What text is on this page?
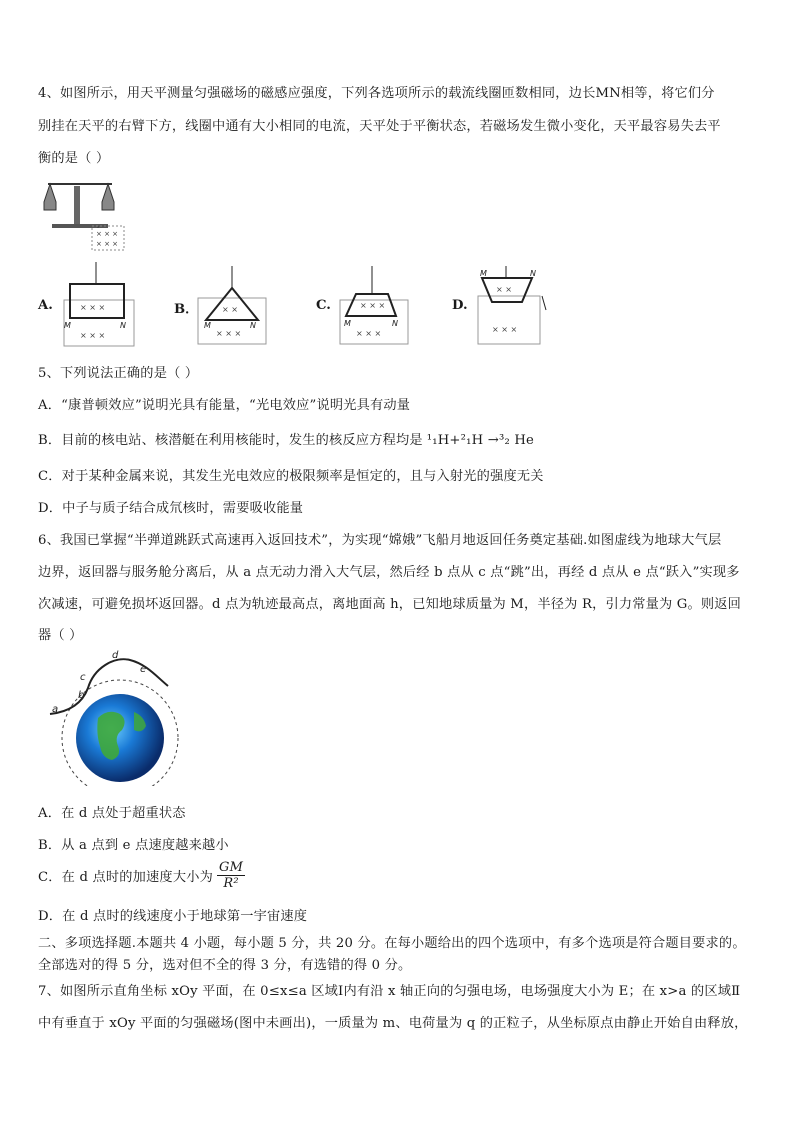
4、如图所示，用天平测量匀强磁场的磁感应强度，下列各选项所示的载流线圈匝数相同，边长MN相等，将它们分
别挂在天平的右臂下方，线圈中通有大小相同的电流，天平处于平衡状态，若磁场发生微小变化，天平最容易失去平
衡的是（ ）
× × ×
× × ×
A.	× × ×
M	N
× × ×
B．	× ×
M	N
× × ×
C.	× × ×
M	N
× × ×
D.
M	N
× ×
× × ×
5、下列说法正确的是（ ）
A．“康普顿效应”说明光具有能量，“光电效应”说明光具有动量
B．目前的核电站、核潜艇在利用核能时，发生的核反应方程均是 ¹₁H+²₁H →³₂ He
C．对于某种金属来说，其发生光电效应的极限频率是恒定的，且与入射光的强度无关
D．中子与质子结合成氘核时，需要吸收能量
6、我国已掌握“半弹道跳跃式高速再入返回技术”，为实现“嫦娥”飞船月地返回任务奠定基础.如图虚线为地球大气层
边界，返回器与服务舱分离后，从 a 点无动力滑入大气层，然后经 b 点从 c 点“跳”出，再经 d 点从 e 点“跃入”实现多
次减速，可避免损坏返回器。d 点为轨迹最高点，离地面高 h，已知地球质量为 M，半径为 R，引力常量为 G。则返回
器（ ）
a
b
c
d
e
A．在 d 点处于超重状态
B．从 a 点到 e 点速度越来越小
C．在 d 点时的加速度大小为 $\frac{GM}{\text{R²}}$
D．在 d 点时的线速度小于地球第一宇宙速度
二、多项选择题.本题共 4 小题，每小题 5 分，共 20 分。在每小题给出的四个选项中，有多个选项是符合题目要求的。
全部选对的得 5 分，选对但不全的得 3 分，有选错的得 0 分。
7、如图所示直角坐标 xOy 平面，在 0≤x≤a 区域Ⅰ内有沿 x 轴正向的匀强电场，电场强度大小为 E；在 x>a 的区域Ⅱ
中有垂直于 xOy 平面的匀强磁场(图中未画出)，一质量为 m、电荷量为 q 的正粒子，从坐标原点由静止开始自由释放，
